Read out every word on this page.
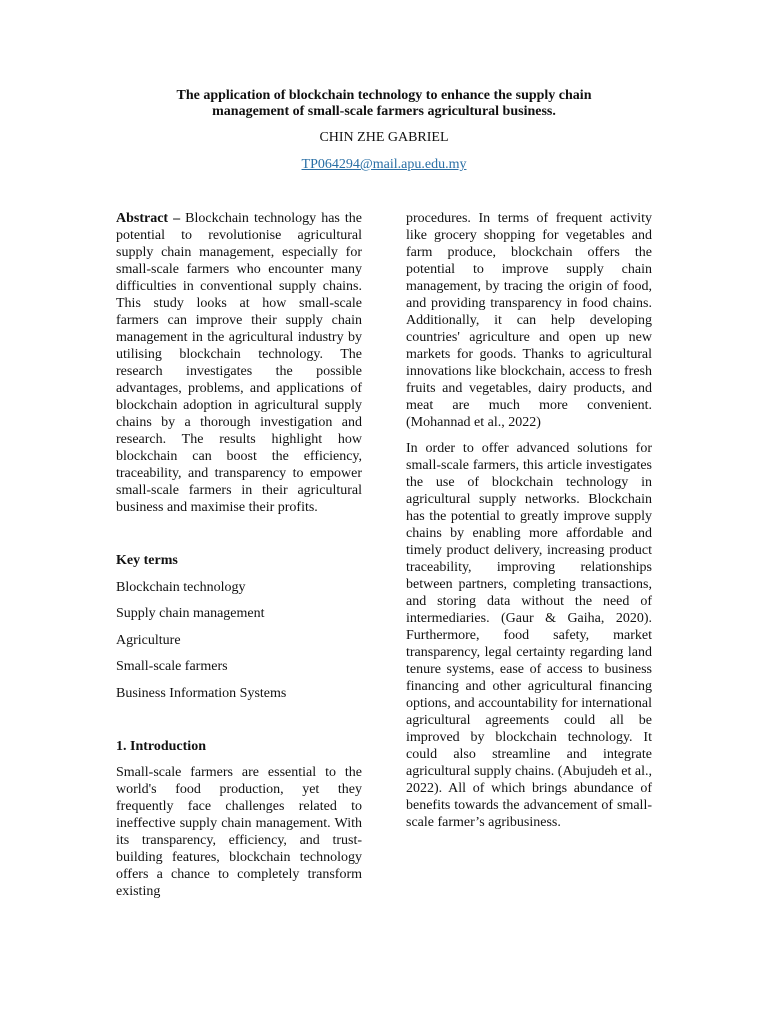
The application of blockchain technology to enhance the supply chain
management of small-scale farmers agricultural business.
CHIN ZHE GABRIEL
TP064294@mail.apu.edu.my

Abstract – Blockchain technology has the potential to revolutionise agricultural supply chain management, especially for small-scale farmers who encounter many difficulties in conventional supply chains. This study looks at how small-scale farmers can improve their supply chain management in the agricultural industry by utilising blockchain technology. The research investigates the possible advantages, problems, and applications of blockchain adoption in agricultural supply chains by a thorough investigation and research. The results highlight how blockchain can boost the efficiency, traceability, and transparency to empower small-scale farmers in their agricultural business and maximise their profits.

Key terms

Blockchain technology

Supply chain management

Agriculture

Small-scale farmers

Business Information Systems

1. Introduction

Small-scale farmers are essential to the world's food production, yet they frequently face challenges related to ineffective supply chain management. With its transparency, efficiency, and trust-building features, blockchain technology offers a chance to completely transform existing

procedures. In terms of frequent activity like grocery shopping for vegetables and farm produce, blockchain offers the potential to improve supply chain management, by tracing the origin of food, and providing transparency in food chains. Additionally, it can help developing countries' agriculture and open up new markets for goods. Thanks to agricultural innovations like blockchain, access to fresh fruits and vegetables, dairy products, and meat are much more convenient. (Mohannad et al., 2022)

In order to offer advanced solutions for small-scale farmers, this article investigates the use of blockchain technology in agricultural supply networks. Blockchain has the potential to greatly improve supply chains by enabling more affordable and timely product delivery, increasing product traceability, improving relationships between partners, completing transactions, and storing data without the need of intermediaries. (Gaur & Gaiha, 2020). Furthermore, food safety, market transparency, legal certainty regarding land tenure systems, ease of access to business financing and other agricultural financing options, and accountability for international agricultural agreements could all be improved by blockchain technology. It could also streamline and integrate agricultural supply chains. (Abujudeh et al., 2022). All of which brings abundance of benefits towards the advancement of small-scale farmer’s agribusiness.
